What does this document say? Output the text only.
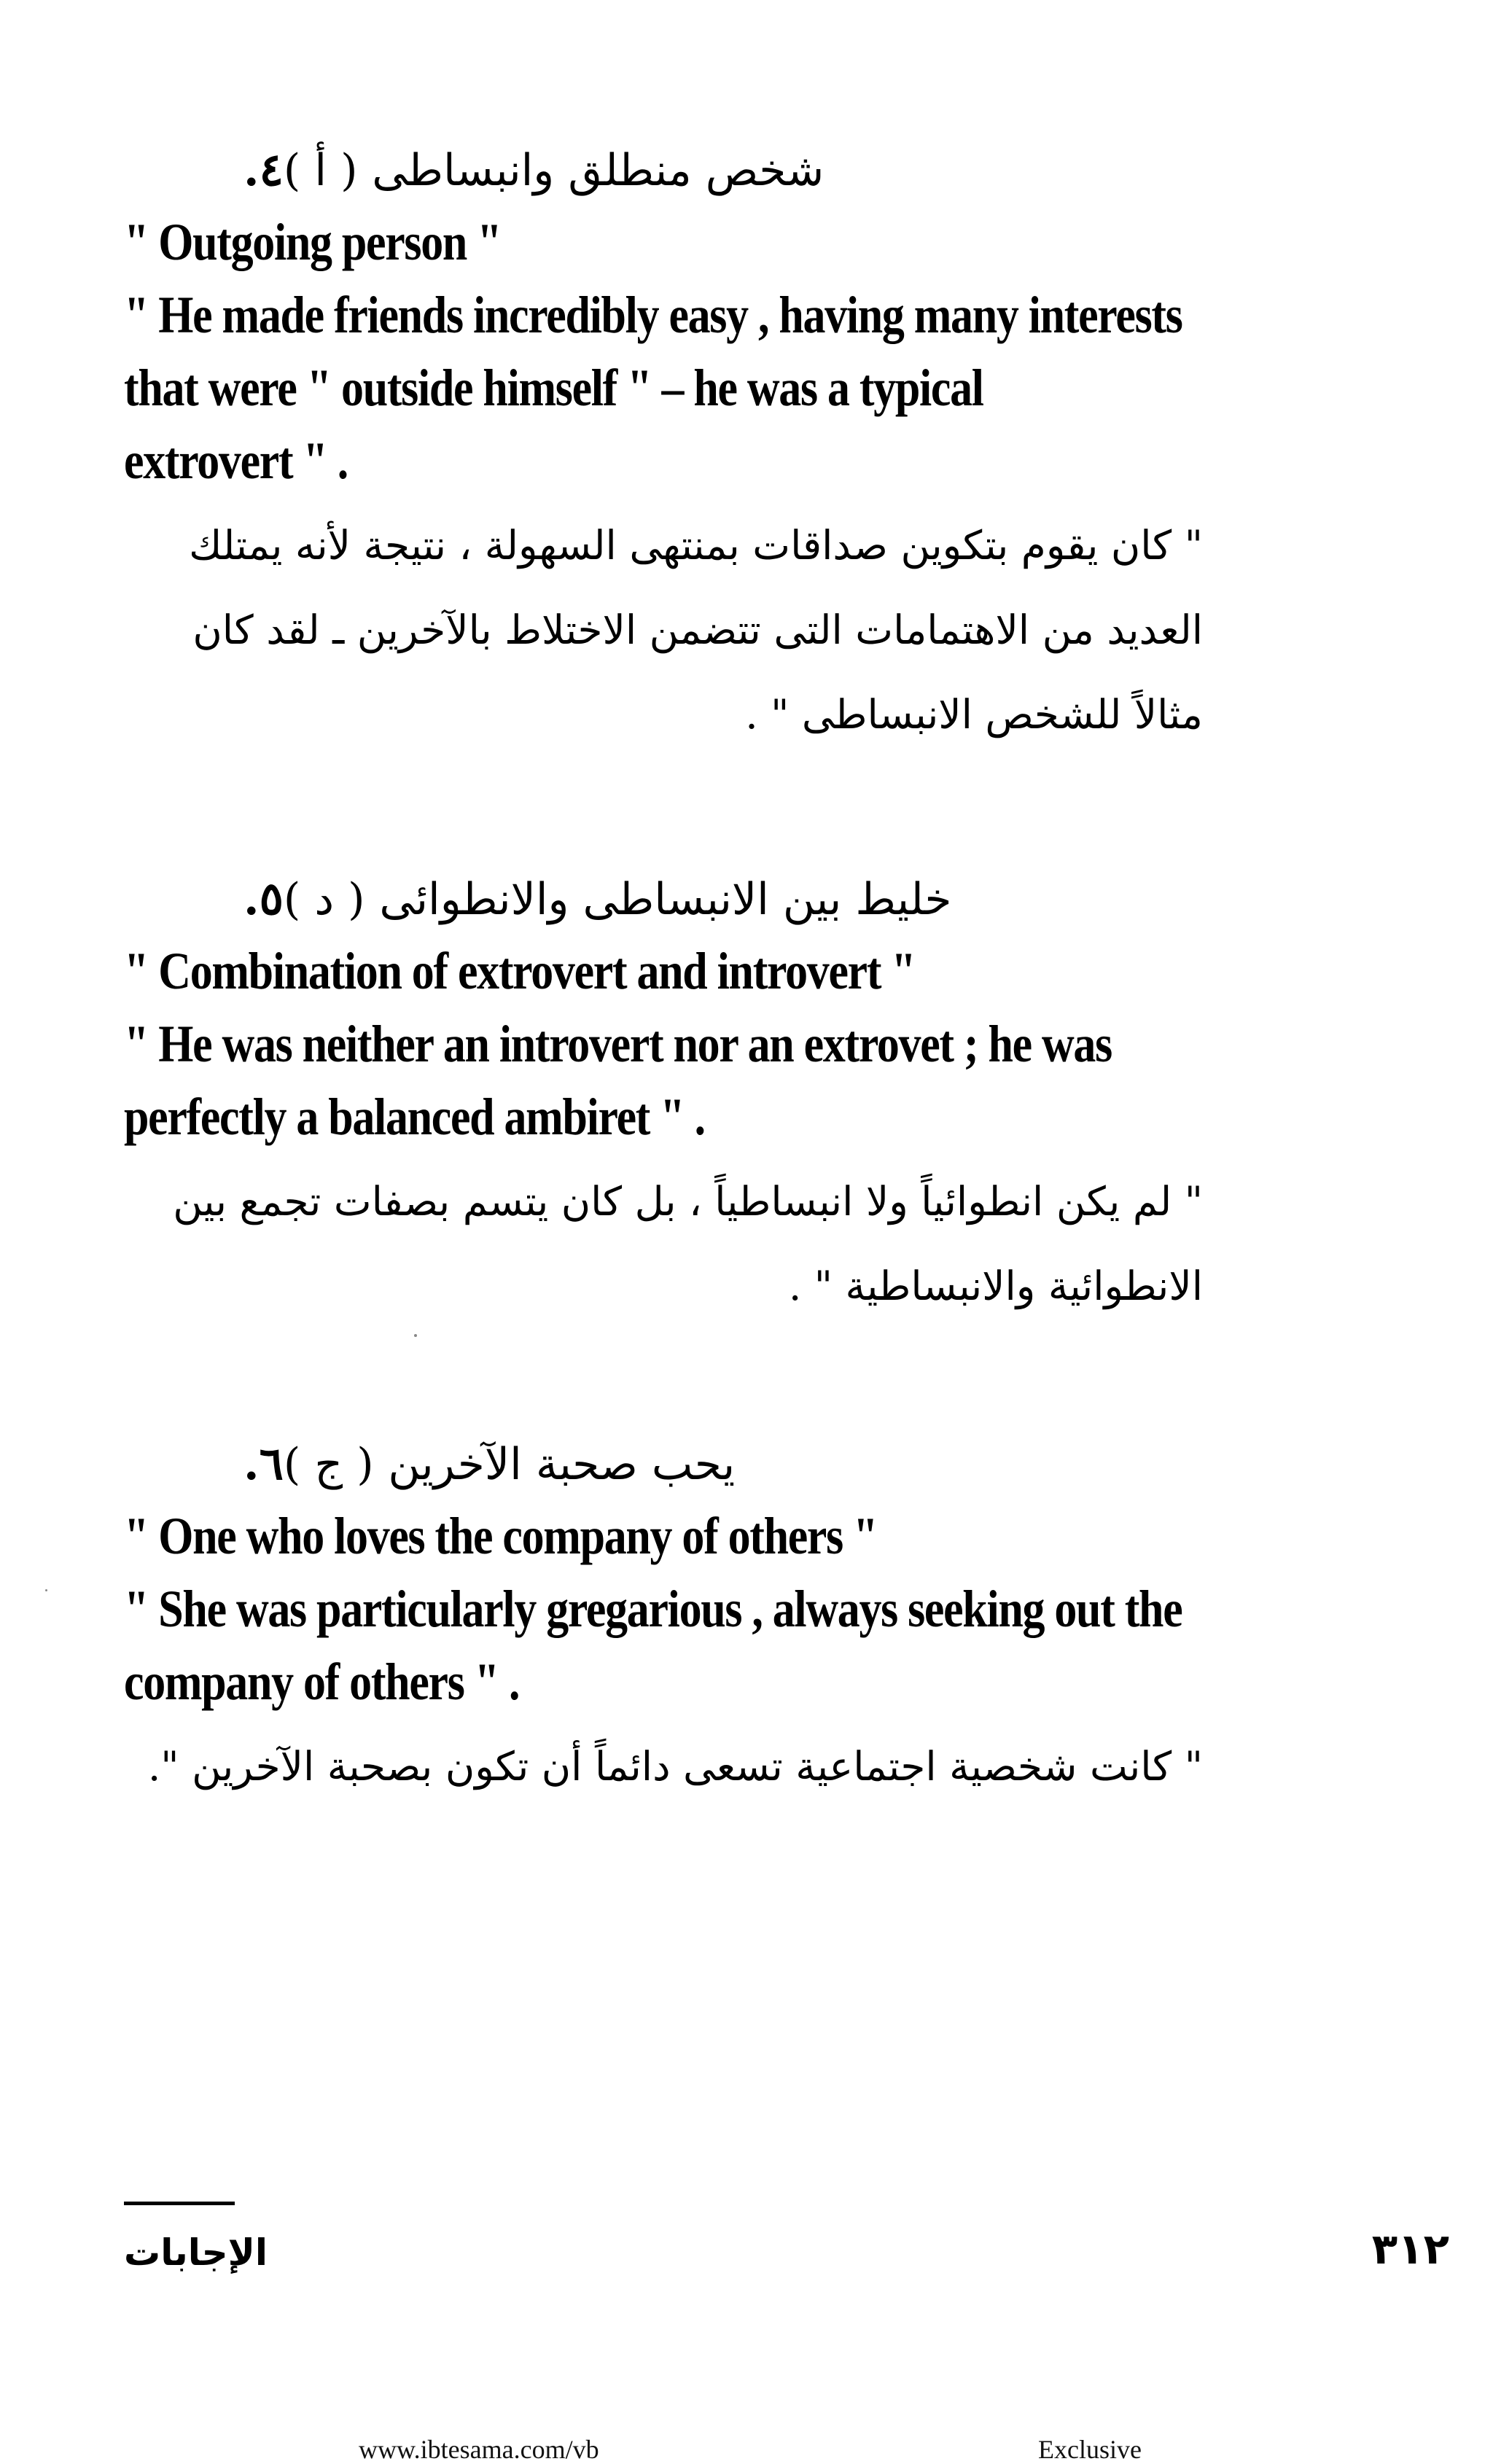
٤. ( أ )
شخص منطلق وانبساطى

" Outgoing person "

" He made friends incredibly easy , having many interests

that were " outside himself " – he was a typical

extrovert " .

" كان يقوم بتكوين صداقات بمنتهى السهولة ، نتيجة لأنه يمتلك

العديد من الاهتمامات التى تتضمن الاختلاط بالآخرين ـ لقد كان

مثالاً للشخص الانبساطى " .

٥. ( د )
خليط بين الانبساطى والانطوائى

" Combination of extrovert and introvert "

" He was neither an introvert nor an extrovet ; he was

perfectly a balanced ambiret " .

" لم يكن انطوائياً ولا انبساطياً ، بل كان يتسم بصفات تجمع بين

الانطوائية والانبساطية " .

٦. ( ج )
يحب صحبة الآخرين

" One who loves the company of others "

" She was particularly gregarious , always seeking out the

company of others " .

" كانت شخصية اجتماعية تسعى دائماً أن تكون بصحبة الآخرين ".

الإجابات	٣١٢
www.ibtesama.com/vb	Exclusive
